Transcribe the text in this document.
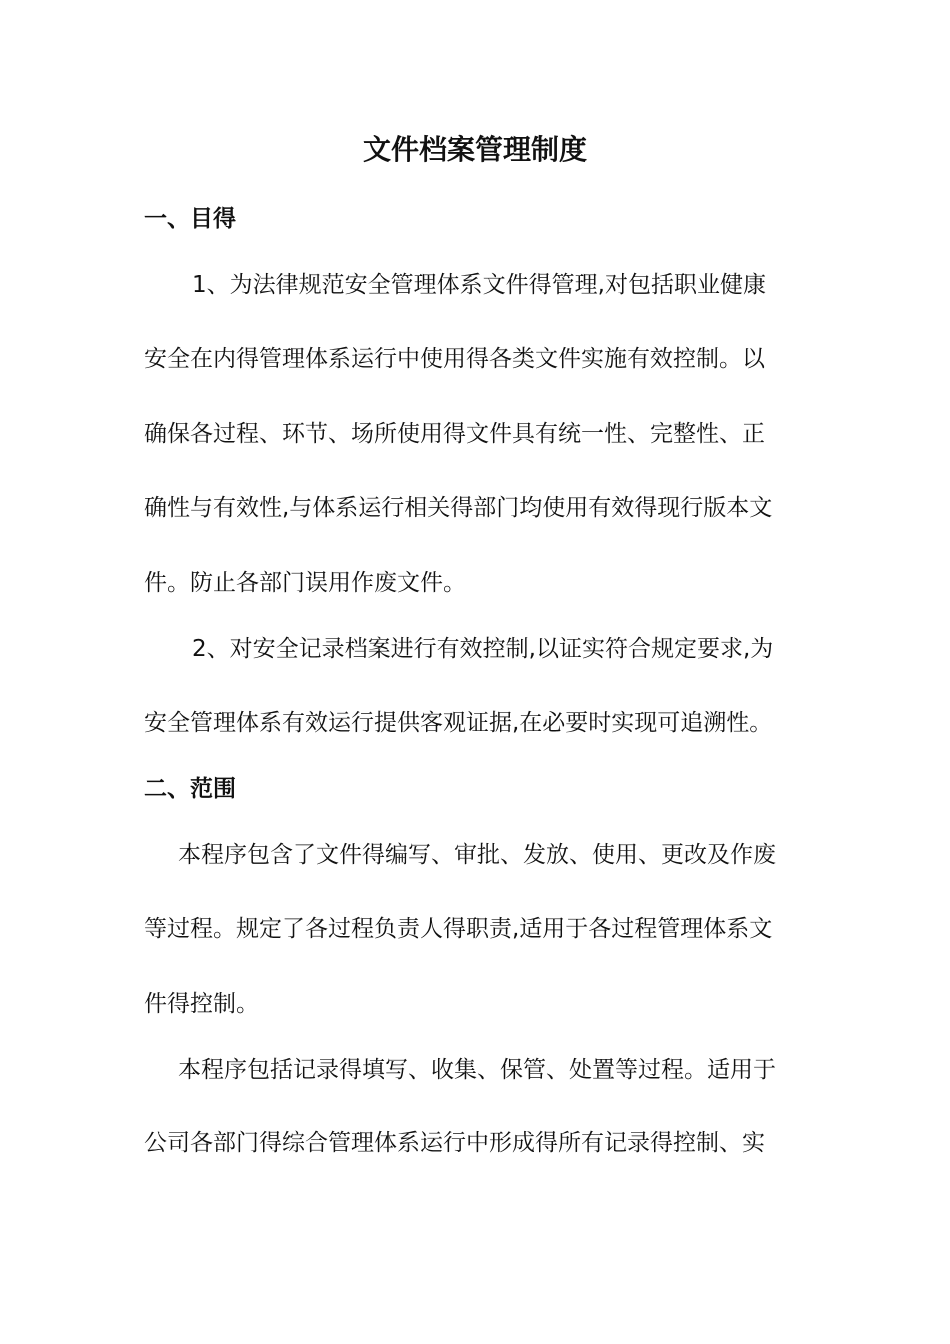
文件档案管理制度
一、目得
1、为法律规范安全管理体系文件得管理,对包括职业健康
安全在内得管理体系运行中使用得各类文件实施有效控制。以
确保各过程、环节、场所使用得文件具有统一性、完整性、正
确性与有效性,与体系运行相关得部门均使用有效得现行版本文
件。防止各部门误用作废文件。
2、对安全记录档案进行有效控制,以证实符合规定要求,为
安全管理体系有效运行提供客观证据,在必要时实现可追溯性。
二、范围
本程序包含了文件得编写、审批、发放、使用、更改及作废
等过程。规定了各过程负责人得职责,适用于各过程管理体系文
件得控制。
本程序包括记录得填写、收集、保管、处置等过程。适用于
公司各部门得综合管理体系运行中形成得所有记录得控制、实
